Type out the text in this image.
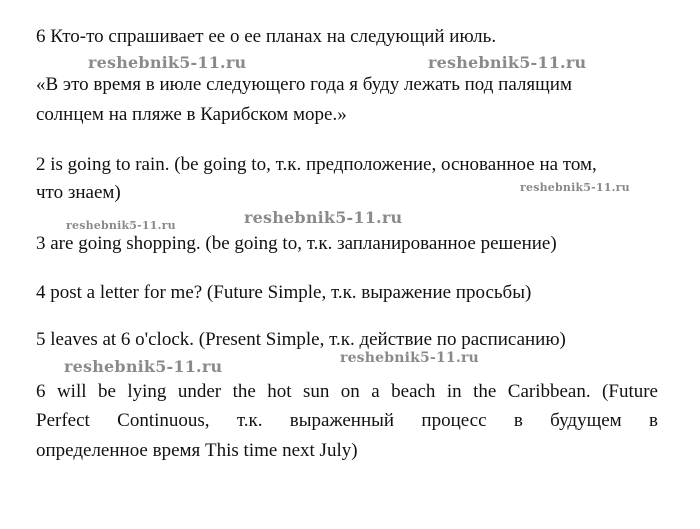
6 Кто-то спрашивает ее о ее планах на следующий июль.
«В это время в июле следующего года я буду лежать под палящим
солнцем на пляже в Карибском море.»
2 is going to rain. (be going to, т.к. предположение, основанное на том,
что знаем)
3 are going shopping. (be going to, т.к. запланированное решение)
4 post a letter for me? (Future Simple, т.к. выражение просьбы)
5 leaves at 6 o'clock. (Present Simple, т.к. действие по расписанию)
6 will be lying under the hot sun on a beach in the Caribbean. (Future
Perfect Continuous, т.к. выраженный процесс в будущем в
определенное время This time next July)
reshebnik5-11.ru	reshebnik5-11.ru
reshebnik5-11.ru
reshebnik5-11.ru	reshebnik5-11.ru
reshebnik5-11.ru
reshebnik5-11.ru
